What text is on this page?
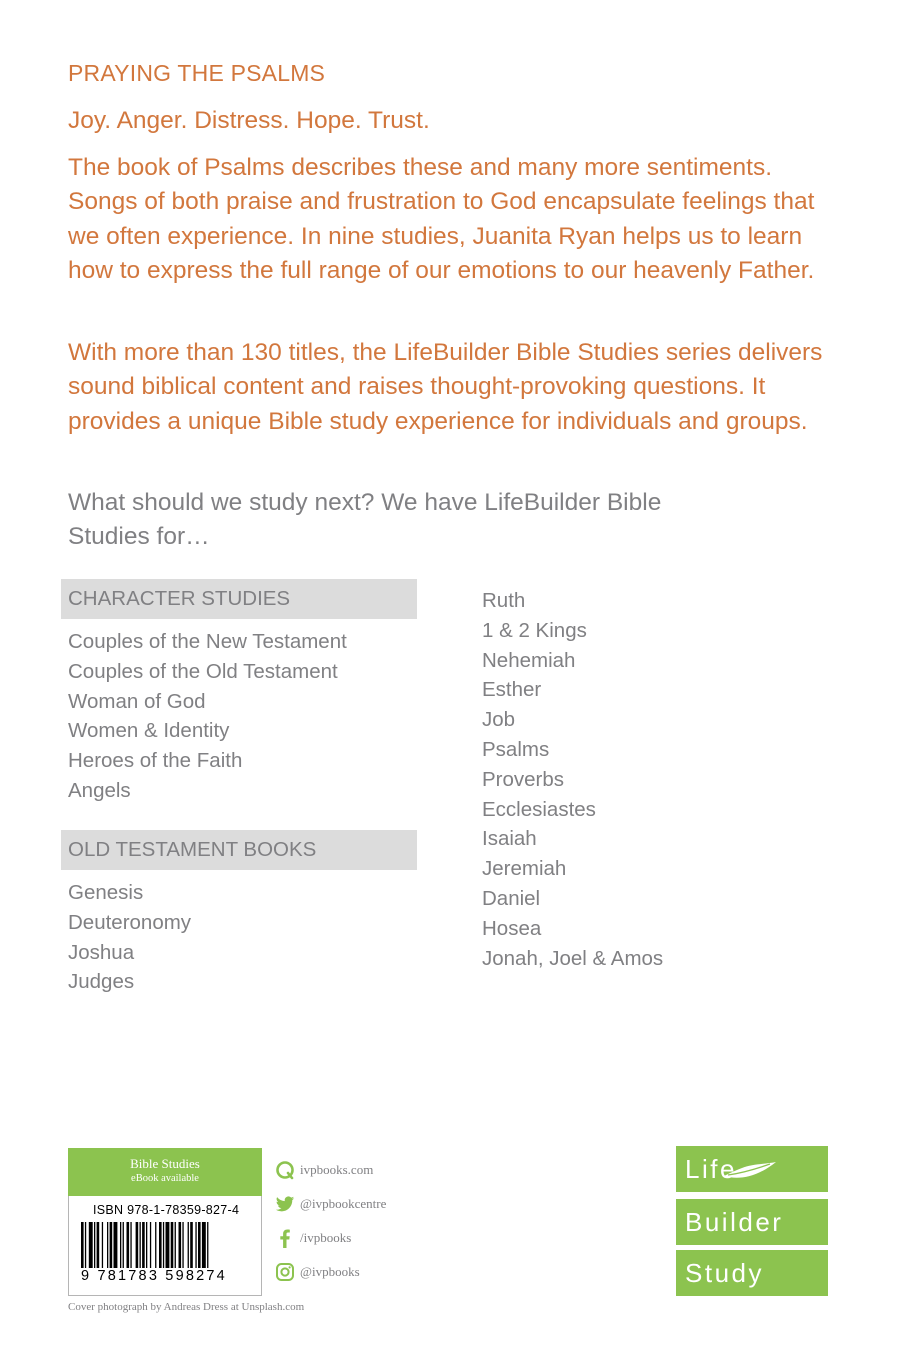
PRAYING THE PSALMS
Joy. Anger. Distress. Hope. Trust.
The book of Psalms describes these and many more sentiments. Songs of both praise and frustration to God encapsulate feelings that we often experience. In nine studies, Juanita Ryan helps us to learn how to express the full range of our emotions to our heavenly Father.
With more than 130 titles, the LifeBuilder Bible Studies series delivers sound biblical content and raises thought-provoking questions. It provides a unique Bible study experience for individuals and groups.
What should we study next? We have LifeBuilder Bible Studies for…
CHARACTER STUDIES
Couples of the New Testament
Couples of the Old Testament
Woman of God
Women & Identity
Heroes of the Faith
Angels
OLD TESTAMENT BOOKS
Genesis
Deuteronomy
Joshua
Judges
Ruth
1 & 2 Kings
Nehemiah
Esther
Job
Psalms
Proverbs
Ecclesiastes
Isaiah
Jeremiah
Daniel
Hosea
Jonah, Joel & Amos
Bible Studies
eBook available
ISBN 978-1-78359-827-4
9 781783 598274
Cover photograph by Andreas Dress at Unsplash.com
ivpbooks.com
@ivpbookcentre
/ivpbooks
@ivpbooks
Life
Builder
Study
